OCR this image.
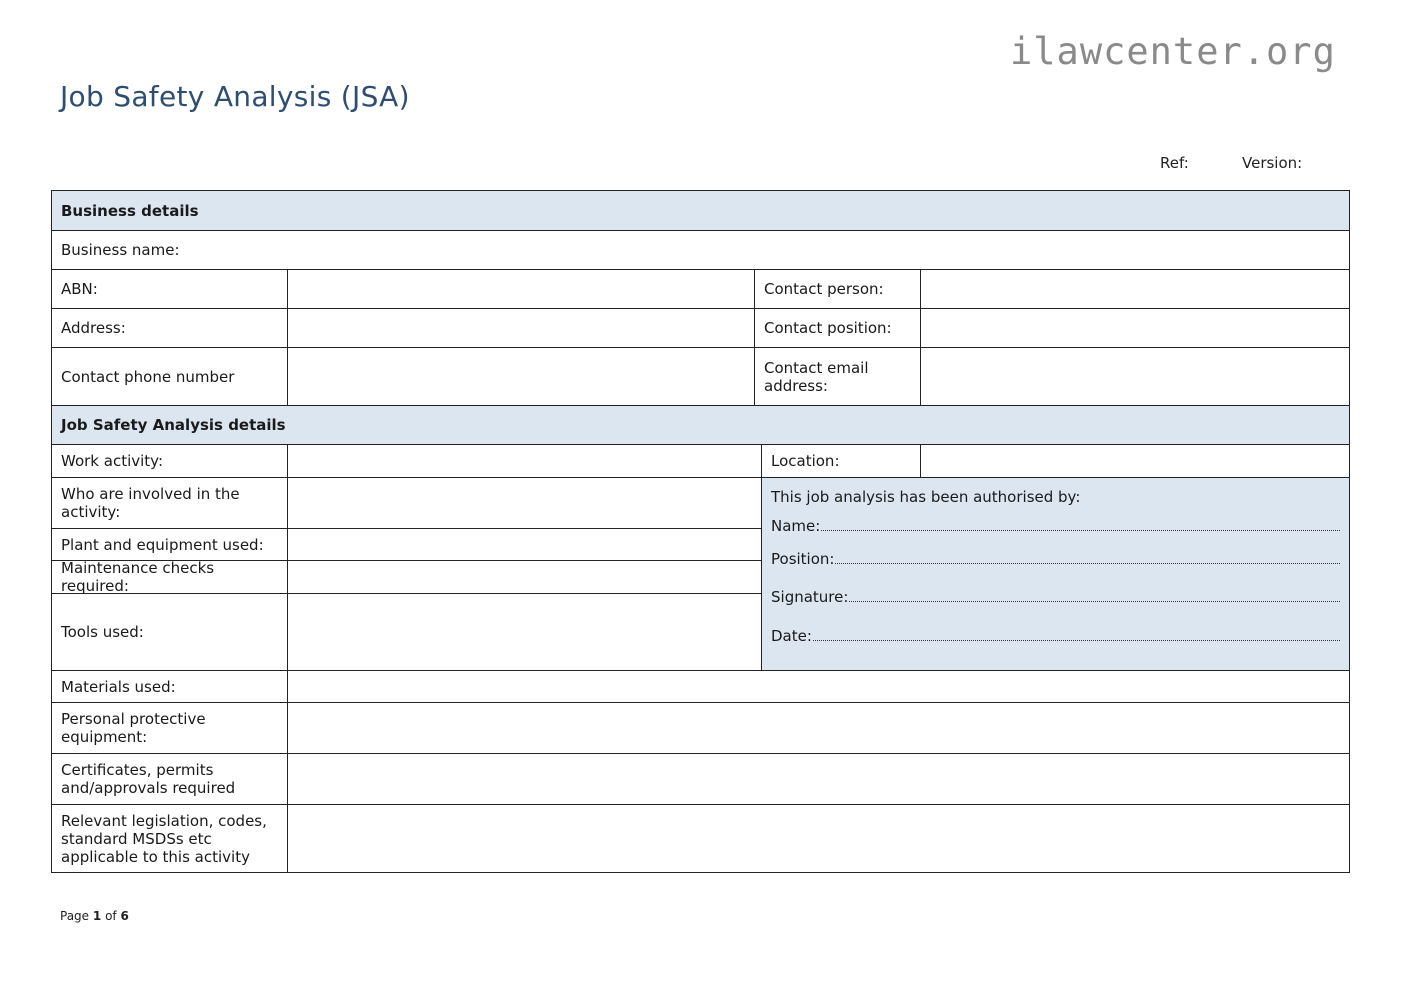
ilawcenter.org
Job Safety Analysis (JSA)
Ref:	Version:
Business details
Business name:
ABN:	Contact person:
Address:	Contact position:
Contact phone number	Contact email address:
Job Safety Analysis details
Work activity:	Location:
Who are involved in the activity:
Plant and equipment used:
Maintenance checks required:
Tools used:
This job analysis has been authorised by:
Name:
Position:
Signature:
Date:
Materials used:
Personal protective equipment:
Certificates, permits and/approvals required
Relevant legislation, codes, standard MSDSs etc applicable to this activity
Page 1 of 6
